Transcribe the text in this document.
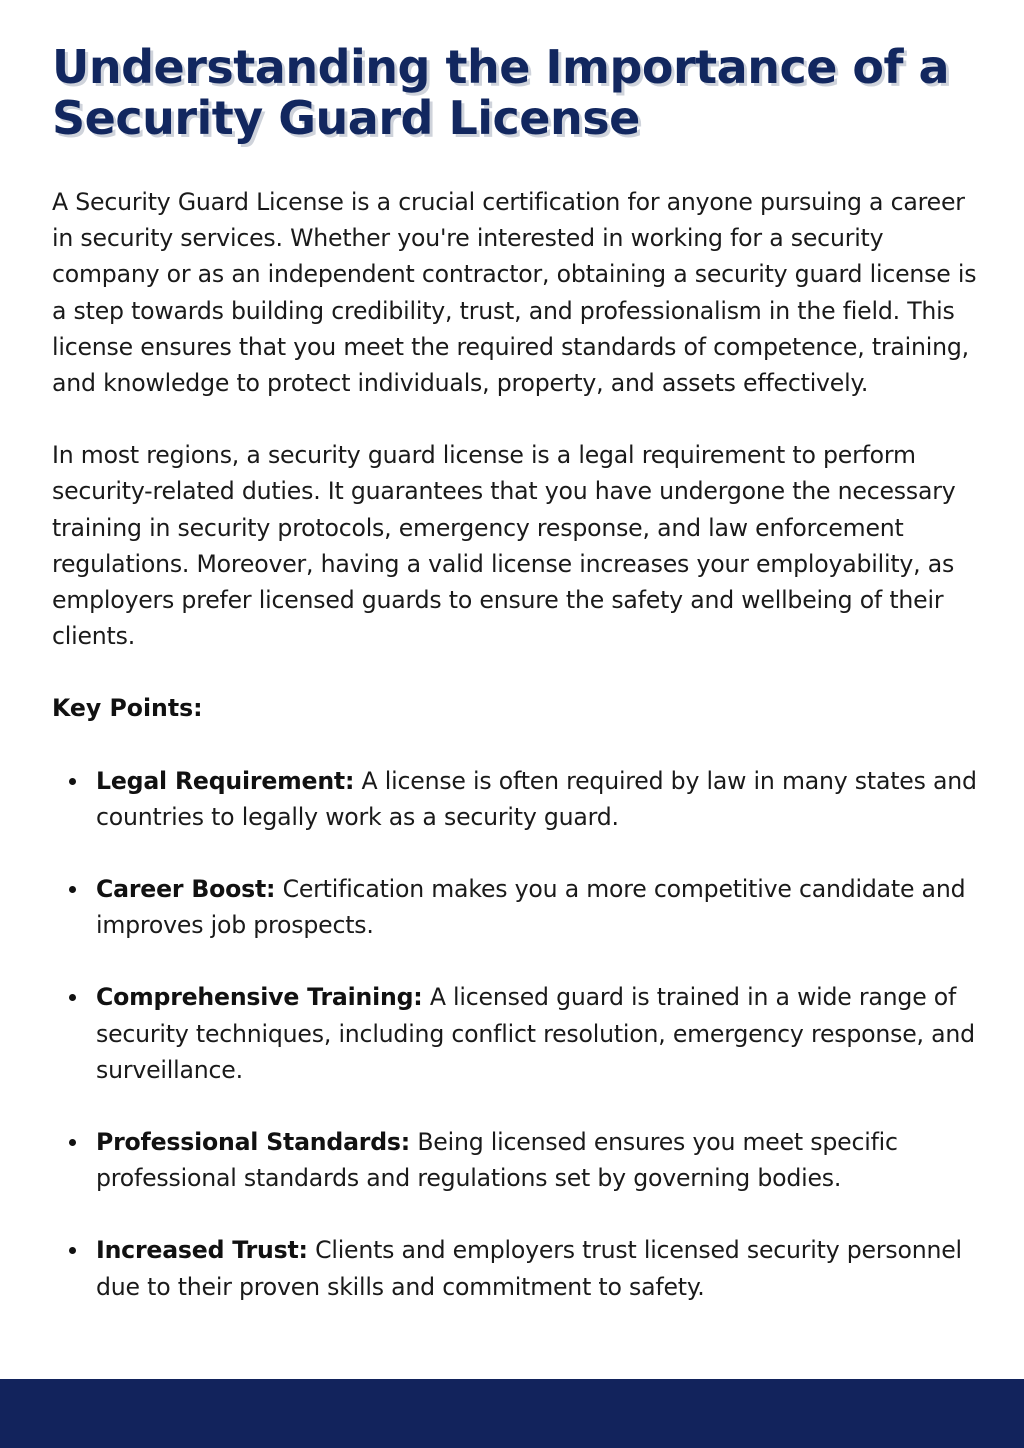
Understanding the Importance of a Security Guard License

A Security Guard License is a crucial certification for anyone pursuing a career in security services. Whether you're interested in working for a security company or as an independent contractor, obtaining a security guard license is a step towards building credibility, trust, and professionalism in the field. This license ensures that you meet the required standards of competence, training, and knowledge to protect individuals, property, and assets effectively.

In most regions, a security guard license is a legal requirement to perform security-related duties. It guarantees that you have undergone the necessary training in security protocols, emergency response, and law enforcement regulations. Moreover, having a valid license increases your employability, as employers prefer licensed guards to ensure the safety and wellbeing of their clients.

Key Points:

Legal Requirement: A license is often required by law in many states and countries to legally work as a security guard.
Career Boost: Certification makes you a more competitive candidate and improves job prospects.
Comprehensive Training: A licensed guard is trained in a wide range of security techniques, including conflict resolution, emergency response, and surveillance.
Professional Standards: Being licensed ensures you meet specific professional standards and regulations set by governing bodies.
Increased Trust: Clients and employers trust licensed security personnel due to their proven skills and commitment to safety.
